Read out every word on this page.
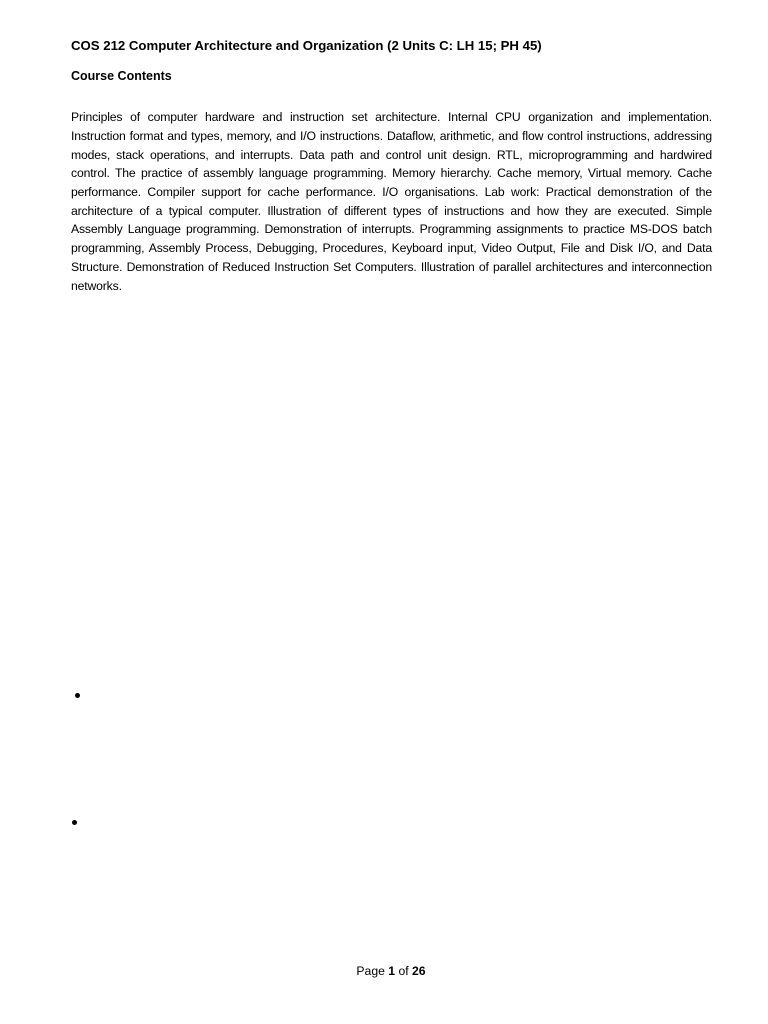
COS 212 Computer Architecture and Organization (2 Units C: LH 15; PH 45)
Course Contents

Principles of computer hardware and instruction set architecture. Internal CPU organization and implementation. Instruction format and types, memory, and I/O instructions. Dataflow, arithmetic, and flow control instructions, addressing modes, stack operations, and interrupts. Data path and control unit design. RTL, microprogramming and hardwired control. The practice of assembly language programming. Memory hierarchy. Cache memory, Virtual memory. Cache performance. Compiler support for cache performance. I/O organisations. Lab work: Practical demonstration of the architecture of a typical computer. Illustration of different types of instructions and how they are executed. Simple Assembly Language programming. Demonstration of interrupts. Programming assignments to practice MS-DOS batch programming, Assembly Process, Debugging, Procedures, Keyboard input, Video Output, File and Disk I/O, and Data Structure. Demonstration of Reduced Instruction Set Computers. Illustration of parallel architectures and interconnection networks.

Page 1 of 26
